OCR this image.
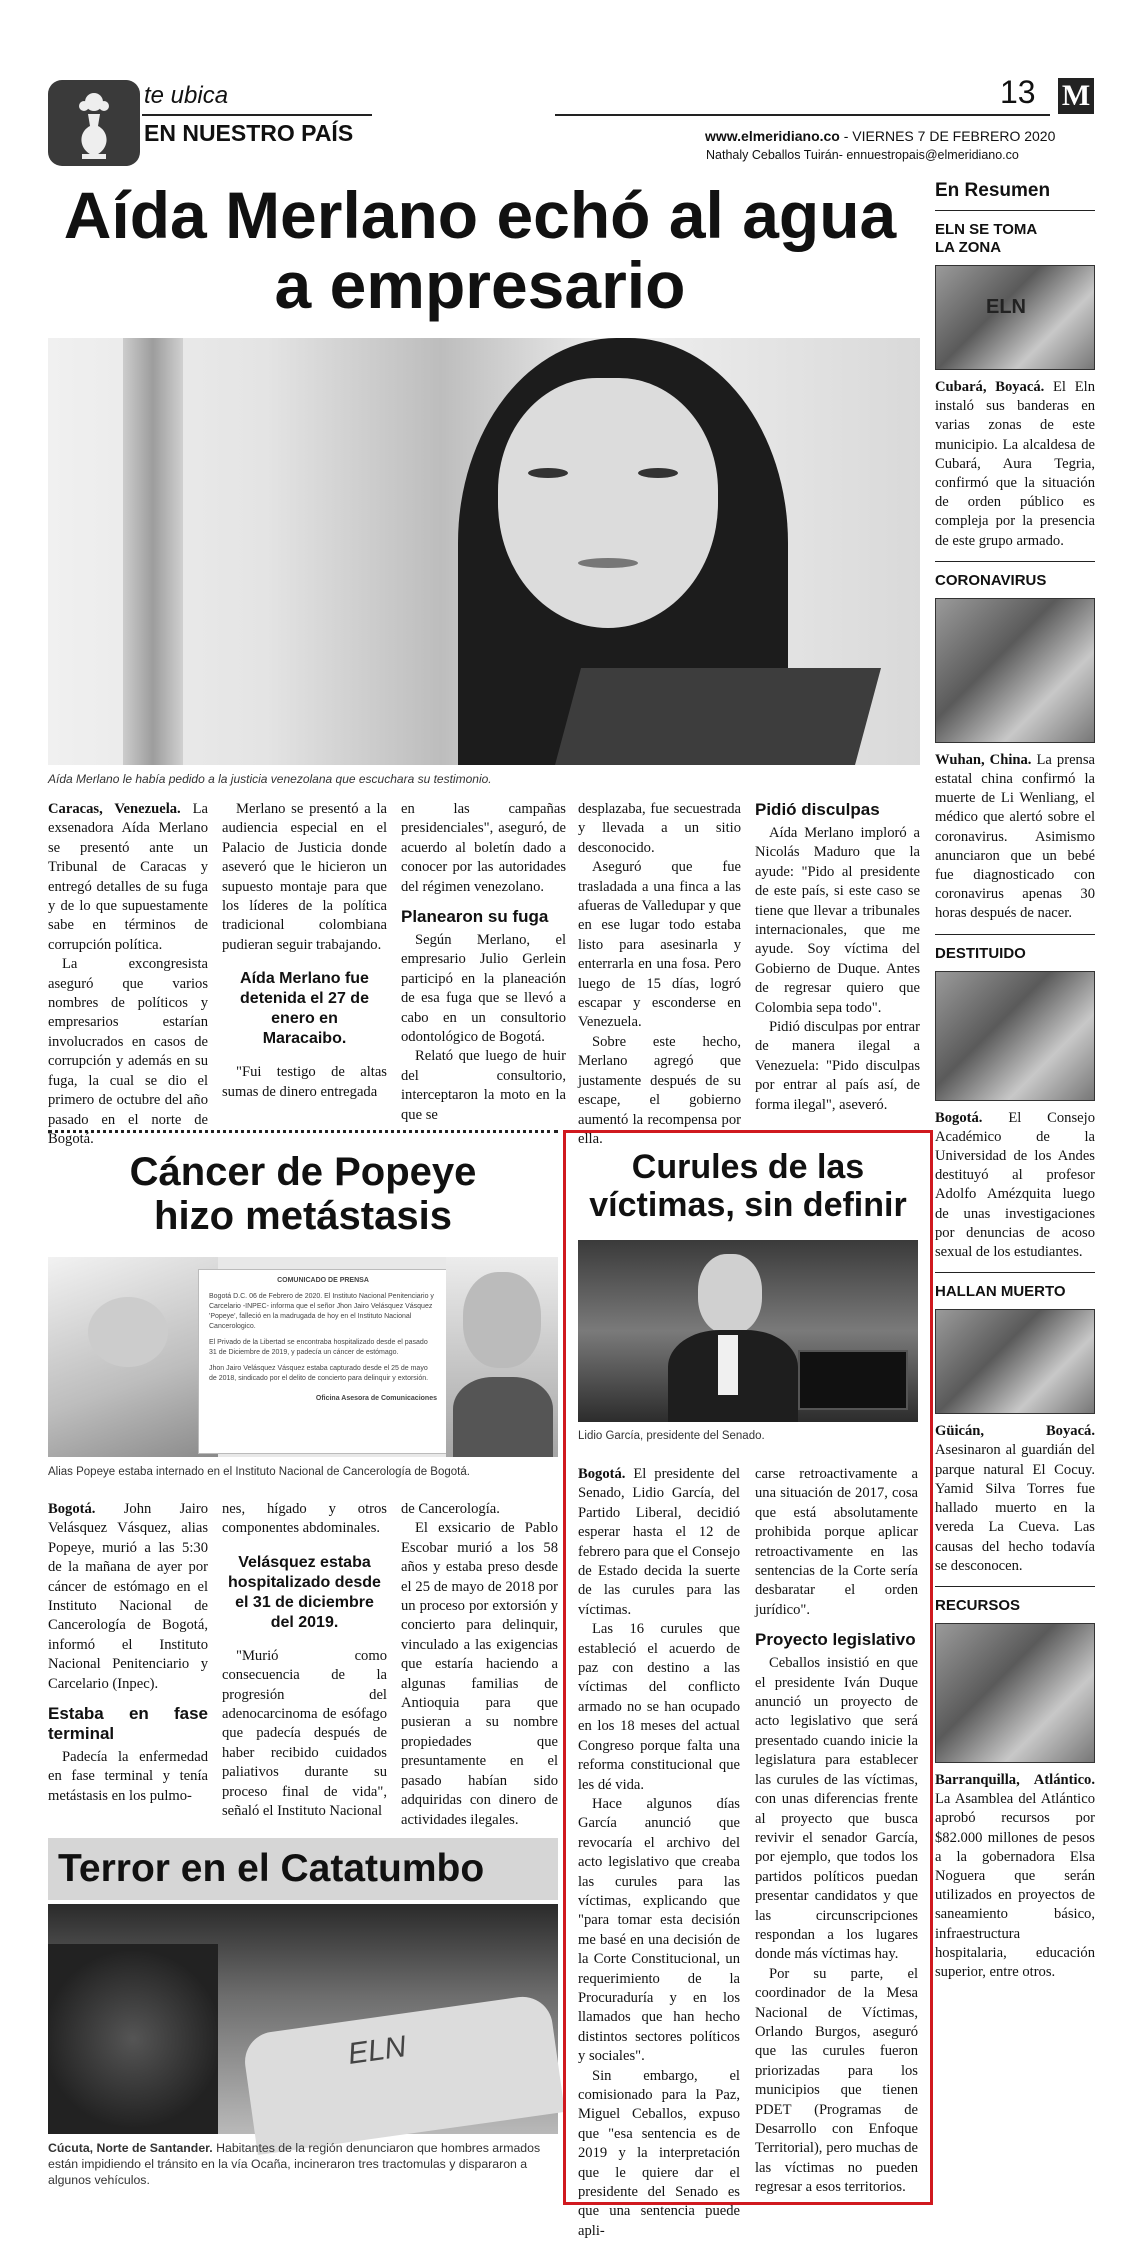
te ubica
EN NUESTRO PAÍS
13 M
www.elmeridiano.co - VIERNES 7 DE FEBRERO 2020
Nathaly Ceballos Tuirán- ennuestropais@elmeridiano.co
Aída Merlano echó al agua a empresario
Aída Merlano le había pedido a la justicia venezolana que escuchara su testimonio.

Caracas, Venezuela. La exsenadora Aída Merlano se presentó ante un Tribunal de Caracas y entregó detalles de su fuga y de lo que supuestamente sabe en términos de corrupción política.

La excongresista aseguró que varios nombres de políticos y empresarios estarían involucrados en casos de corrupción y además en su fuga, la cual se dio el primero de octubre del año pasado en el norte de Bogotá.

Merlano se presentó a la audiencia especial en el Palacio de Justicia donde aseveró que le hicieron un supuesto montaje para que los líderes de la política tradicional colombiana pudieran seguir trabajando.

Aída Merlano fue detenida el 27 de enero en Maracaibo.

"Fui testigo de altas sumas de dinero entregada

en las campañas presidenciales", aseguró, de acuerdo al boletín dado a conocer por las autoridades del régimen venezolano.

Planearon su fuga

Según Merlano, el empresario Julio Gerlein participó en la planeación de esa fuga que se llevó a cabo en un consultorio odontológico de Bogotá.

Relató que luego de huir del consultorio, interceptaron la moto en la que se

desplazaba, fue secuestrada y llevada a un sitio desconocido.

Aseguró que fue trasladada a una finca a las afueras de Valledupar y que en ese lugar todo estaba listo para asesinarla y enterrarla en una fosa. Pero luego de 15 días, logró escapar y esconderse en Venezuela.

Sobre este hecho, Merlano agregó que justamente después de su escape, el gobierno aumentó la recompensa por ella.

Pidió disculpas

Aída Merlano imploró a Nicolás Maduro que la ayude: "Pido al presidente de este país, si este caso se tiene que llevar a tribunales internacionales, que me ayude. Soy víctima del Gobierno de Duque. Antes de regresar quiero que Colombia sepa todo".

Pidió disculpas por entrar de manera ilegal a Venezuela: "Pido disculpas por entrar al país así, de forma ilegal", aseveró.

Cáncer de Popeye
hizo metástasis
COMUNICADO DE PRENSA
Bogotá D.C. 06 de Febrero de 2020. El Instituto Nacional Penitenciario y Carcelario -INPEC- informa que el señor Jhon Jairo Velásquez Vásquez 'Popeye', falleció en la madrugada de hoy en el Instituto Nacional Cancerologico.
El Privado de la Libertad se encontraba hospitalizado desde el pasado 31 de Diciembre de 2019, y padecía un cáncer de estómago.
Jhon Jairo Velásquez Vásquez estaba capturado desde el 25 de mayo de 2018, sindicado por el delito de concierto para delinquir y extorsión.
Oficina Asesora de Comunicaciones
Alias Popeye estaba internado en el Instituto Nacional de Cancerología de Bogotá.

Bogotá. John Jairo Velásquez Vásquez, alias Popeye, murió a las 5:30 de la mañana de ayer por cáncer de estómago en el Instituto Nacional de Cancerología de Bogotá, informó el Instituto Nacional Penitenciario y Carcelario (Inpec).

Estaba en fase terminal

Padecía la enfermedad en fase terminal y tenía metástasis en los pulmo-

nes, hígado y otros componentes abdominales.

Velásquez estaba hospitalizado desde el 31 de diciembre del 2019.

"Murió como consecuencia de la progresión del adenocarcinoma de esófago que padecía después de haber recibido cuidados paliativos durante su proceso final de vida", señaló el Instituto Nacional

de Cancerología.

El exsicario de Pablo Escobar murió a los 58 años y estaba preso desde el 25 de mayo de 2018 por un proceso por extorsión y concierto para delinquir, vinculado a las exigencias que estaría haciendo a algunas familias de Antioquia para que pusieran a su nombre propiedades que presuntamente en el pasado habían sido adquiridas con dinero de actividades ilegales.

Terror en el Catatumbo
ELN
Cúcuta, Norte de Santander. Habitantes de la región denunciaron que hombres armados están impidiendo el tránsito en la vía Ocaña, incineraron tres tractomulas y dispararon a algunos vehículos.
Curules de las
víctimas, sin definir
Lidio García, presidente del Senado.

Bogotá. El presidente del Senado, Lidio García, del Partido Liberal, decidió esperar hasta el 12 de febrero para que el Consejo de Estado decida la suerte de las curules para las víctimas.

Las 16 curules que estableció el acuerdo de paz con destino a las víctimas del conflicto armado no se han ocupado en los 18 meses del actual Congreso porque falta una reforma constitucional que les dé vida.

Hace algunos días García anunció que revocaría el archivo del acto legislativo que creaba las curules para las víctimas, explicando que "para tomar esta decisión me basé en una decisión de la Corte Constitucional, un requerimiento de la Procuraduría y en los llamados que han hecho distintos sectores políticos y sociales".

Sin embargo, el comisionado para la Paz, Miguel Ceballos, expuso que "esa sentencia es de 2019 y la interpretación que le quiere dar el presidente del Senado es que una sentencia puede apli-

carse retroactivamente a una situación de 2017, cosa que está absolutamente prohibida porque aplicar retroactivamente en las sentencias de la Corte sería desbaratar el orden jurídico".

Proyecto legislativo

Ceballos insistió en que el presidente Iván Duque anunció un proyecto de acto legislativo que será presentado cuando inicie la legislatura para establecer las curules de las víctimas, con unas diferencias frente al proyecto que busca revivir el senador García, por ejemplo, que todos los partidos políticos puedan presentar candidatos y que las circunscripciones respondan a los lugares donde más víctimas hay.

Por su parte, el coordinador de la Mesa Nacional de Víctimas, Orlando Burgos, aseguró que las curules fueron priorizadas para los municipios que tienen PDET (Programas de Desarrollo con Enfoque Territorial), pero muchas de las víctimas no pueden regresar a esos territorios.

En Resumen
ELN SE TOMA LA ZONA
ELN
Cubará, Boyacá. El Eln instaló sus banderas en varias zonas de este municipio. La alcaldesa de Cubará, Aura Tegria, confirmó que la situación de orden público es compleja por la presencia de este grupo armado.
CORONAVIRUS
Wuhan, China. La prensa estatal china confirmó la muerte de Li Wenliang, el médico que alertó sobre el coronavirus. Asimismo anunciaron que un bebé fue diagnosticado con coronavirus apenas 30 horas después de nacer.
DESTITUIDO
Bogotá. El Consejo Académico de la Universidad de los Andes destituyó al profesor Adolfo Amézquita luego de unas investigaciones por denuncias de acoso sexual de los estudiantes.
HALLAN MUERTO
Güicán, Boyacá. Asesinaron al guardián del parque natural El Cocuy. Yamid Silva Torres fue hallado muerto en la vereda La Cueva. Las causas del hecho todavía se desconocen.
RECURSOS
Barranquilla, Atlántico. La Asamblea del Atlántico aprobó recursos por $82.000 millones de pesos a la gobernadora Elsa Noguera que serán utilizados en proyectos de saneamiento básico, infraestructura hospitalaria, educación superior, entre otros.
